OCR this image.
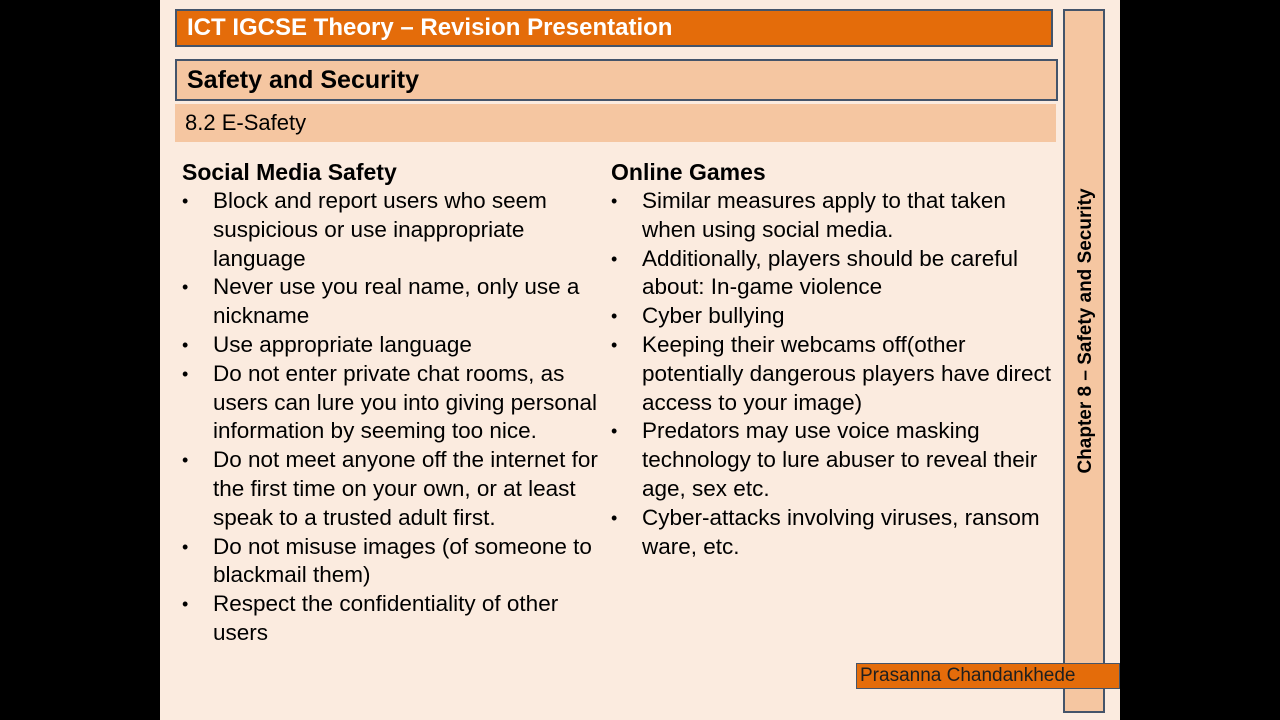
ICT IGCSE Theory – Revision Presentation
Safety and Security
8.2 E-Safety
Chapter 8 – Safety and Security
Social Media Safety
• Block and report users who seem suspicious or use inappropriate language
• Never use you real name, only use a nickname
• Use appropriate language
• Do not enter private chat rooms, as users can lure you into giving personal information by seeming too nice.
• Do not meet anyone off the internet for the first time on your own, or at least speak to a trusted adult first.
• Do not misuse images (of someone to blackmail them)
• Respect the confidentiality of other users
Online Games
• Similar measures apply to that taken when using social media.
• Additionally, players should be careful about: In-game violence
• Cyber bullying
• Keeping their webcams off(other potentially dangerous players have direct access to your image)
• Predators may use voice masking technology to lure abuser to reveal their age, sex etc.
• Cyber-attacks involving viruses, ransom ware, etc.
Prasanna Chandankhede
